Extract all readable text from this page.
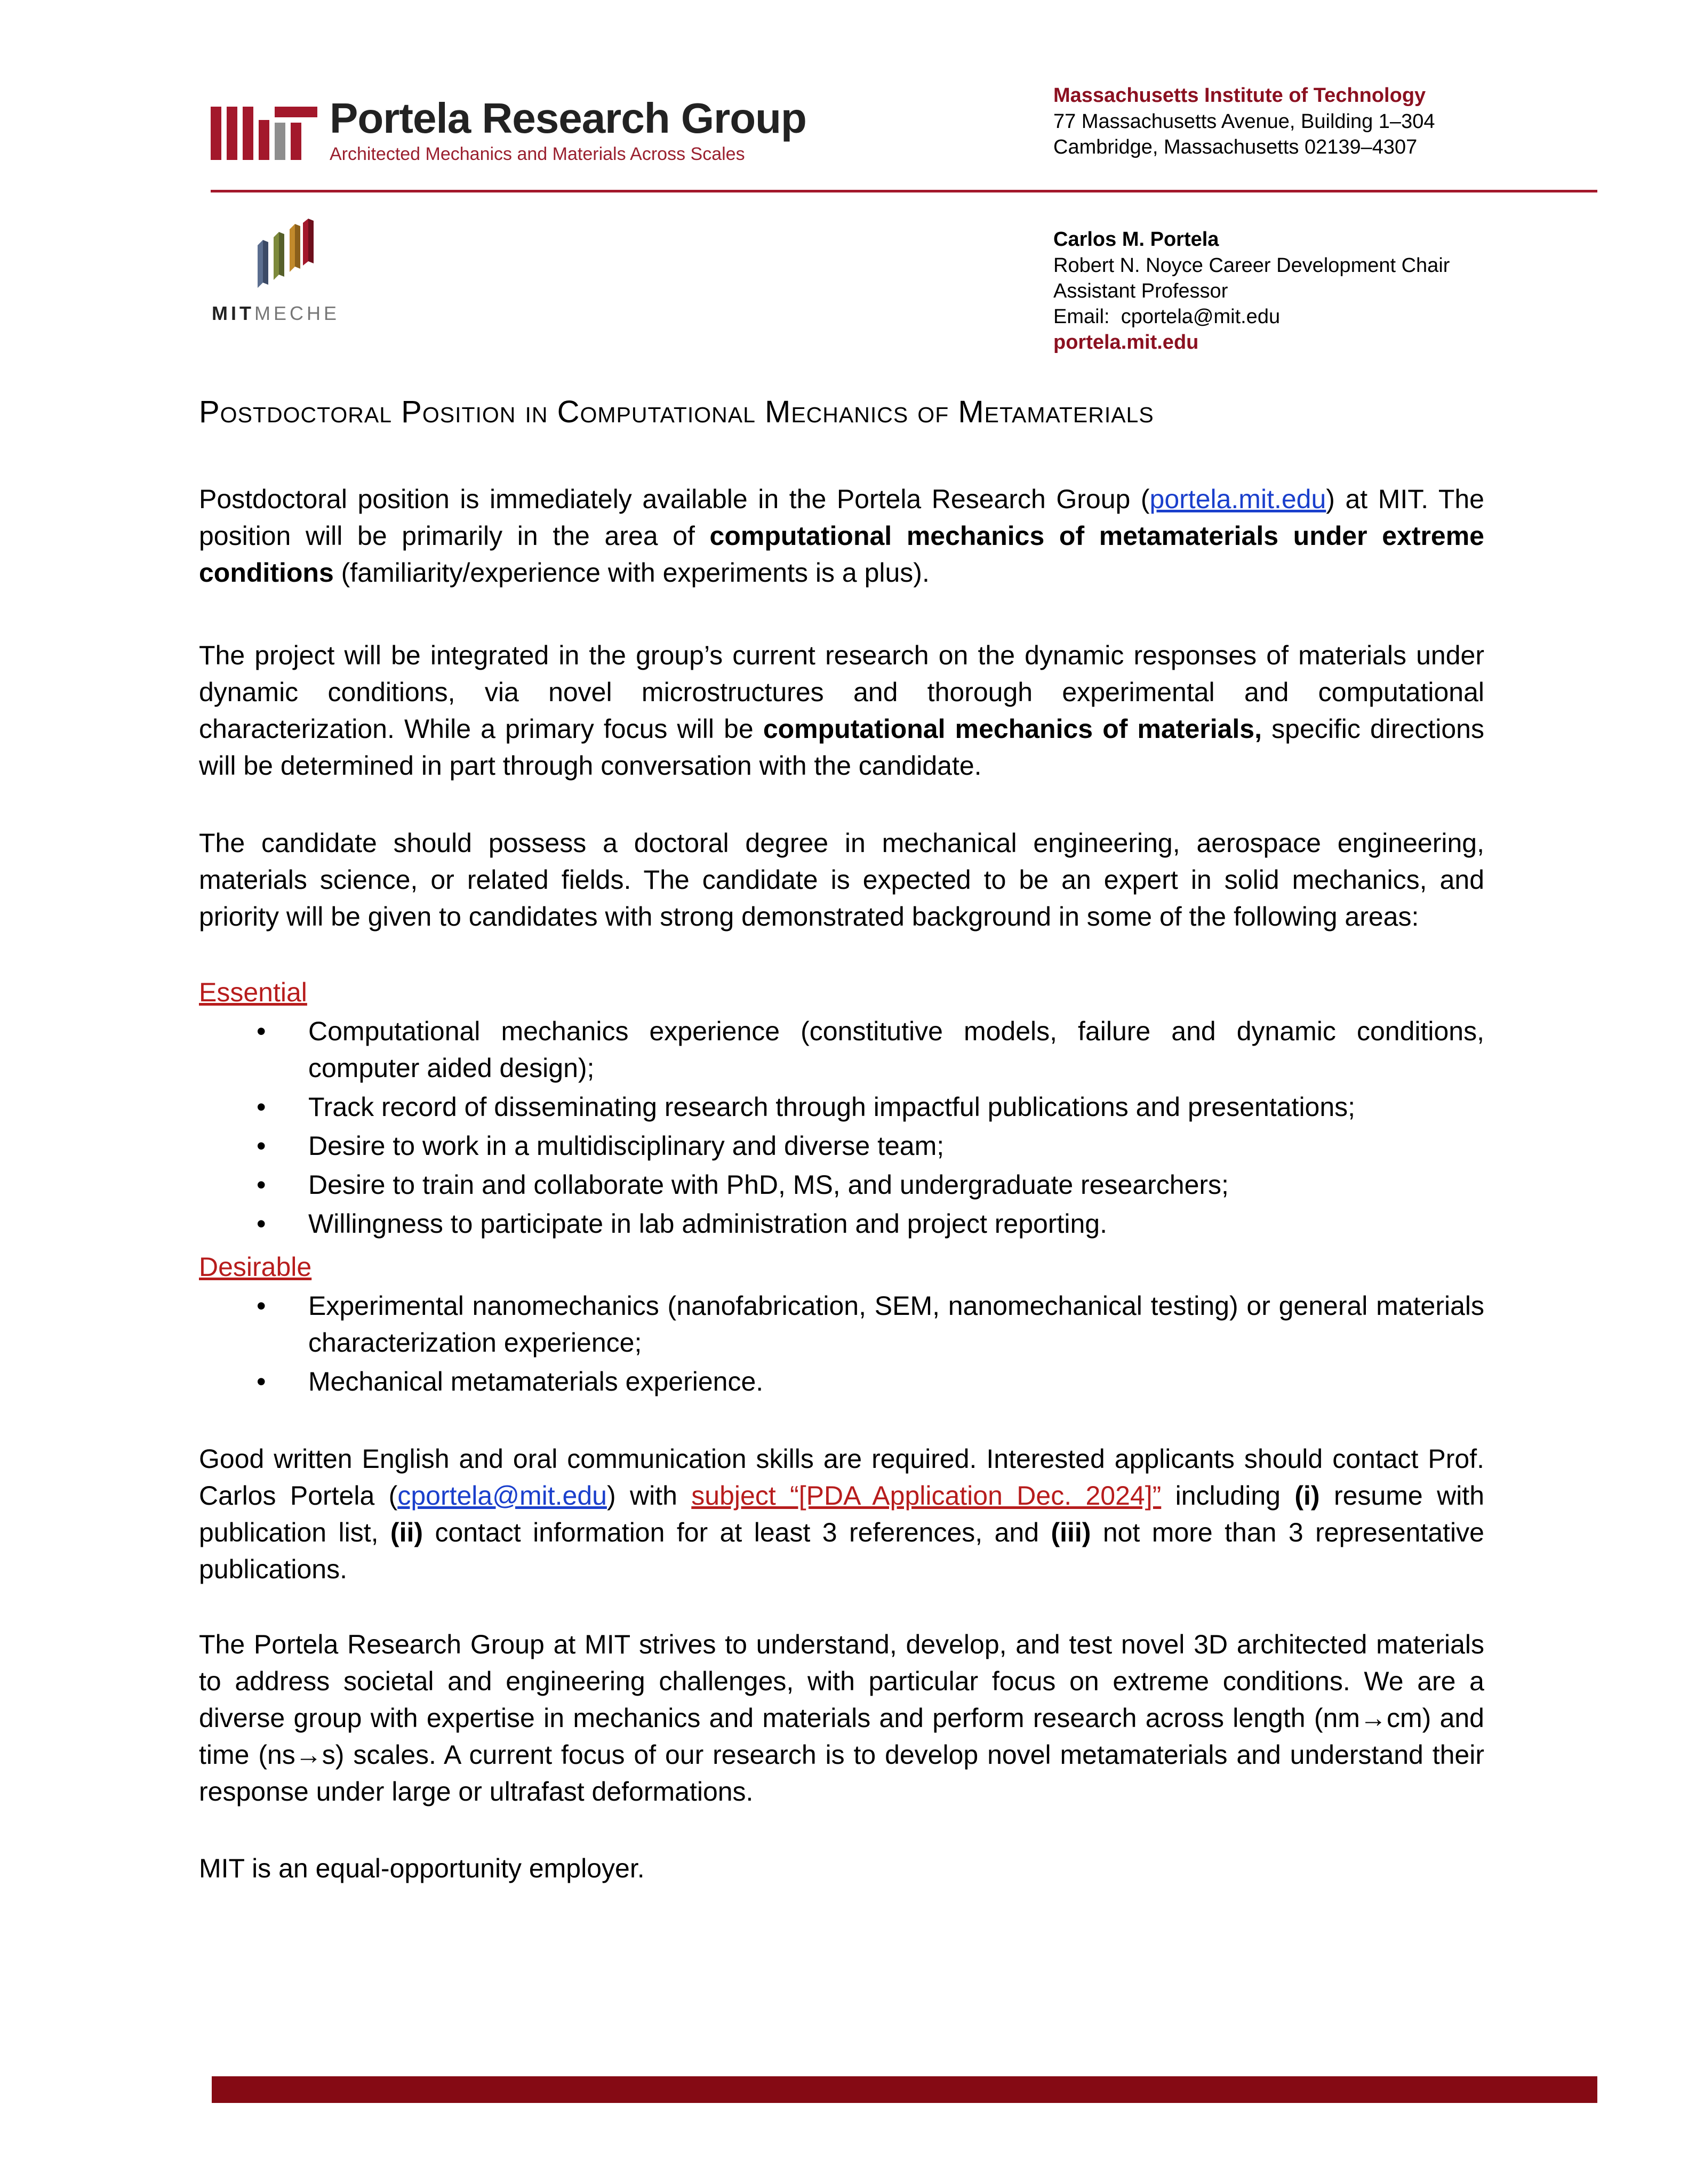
Portela Research Group
Architected Mechanics and Materials Across Scales
MITMECHE
Massachusetts Institute of Technology
77 Massachusetts Avenue, Building 1–304
Cambridge, Massachusetts 02139–4307
Carlos M. Portela
Robert N. Noyce Career Development Chair
Assistant Professor
Email: cportela@mit.edu
portela.mit.edu
Postdoctoral Position in Computational Mechanics of Metamaterials
Postdoctoral position is immediately available in the Portela Research Group (portela.mit.edu) at MIT. The position will be primarily in the area of computational mechanics of metamaterials under extreme conditions (familiarity/experience with experiments is a plus).
The project will be integrated in the group’s current research on the dynamic responses of materials under dynamic conditions, via novel microstructures and thorough experimental and computational characterization. While a primary focus will be computational mechanics of materials, specific directions will be determined in part through conversation with the candidate.
The candidate should possess a doctoral degree in mechanical engineering, aerospace engineering, materials science, or related fields. The candidate is expected to be an expert in solid mechanics, and priority will be given to candidates with strong demonstrated background in some of the following areas:
Essential
• Computational mechanics experience (constitutive models, failure and dynamic conditions, computer aided design);
• Track record of disseminating research through impactful publications and presentations;
• Desire to work in a multidisciplinary and diverse team;
• Desire to train and collaborate with PhD, MS, and undergraduate researchers;
• Willingness to participate in lab administration and project reporting.
Desirable
• Experimental nanomechanics (nanofabrication, SEM, nanomechanical testing) or general materials characterization experience;
• Mechanical metamaterials experience.
Good written English and oral communication skills are required. Interested applicants should contact Prof. Carlos Portela (cportela@mit.edu) with subject “[PDA Application Dec. 2024]” including (i) resume with publication list, (ii) contact information for at least 3 references, and (iii) not more than 3 representative publications.
The Portela Research Group at MIT strives to understand, develop, and test novel 3D architected materials to address societal and engineering challenges, with particular focus on extreme conditions. We are a diverse group with expertise in mechanics and materials and perform research across length (nm→cm) and time (ns→s) scales. A current focus of our research is to develop novel metamaterials and understand their response under large or ultrafast deformations.
MIT is an equal-opportunity employer.
